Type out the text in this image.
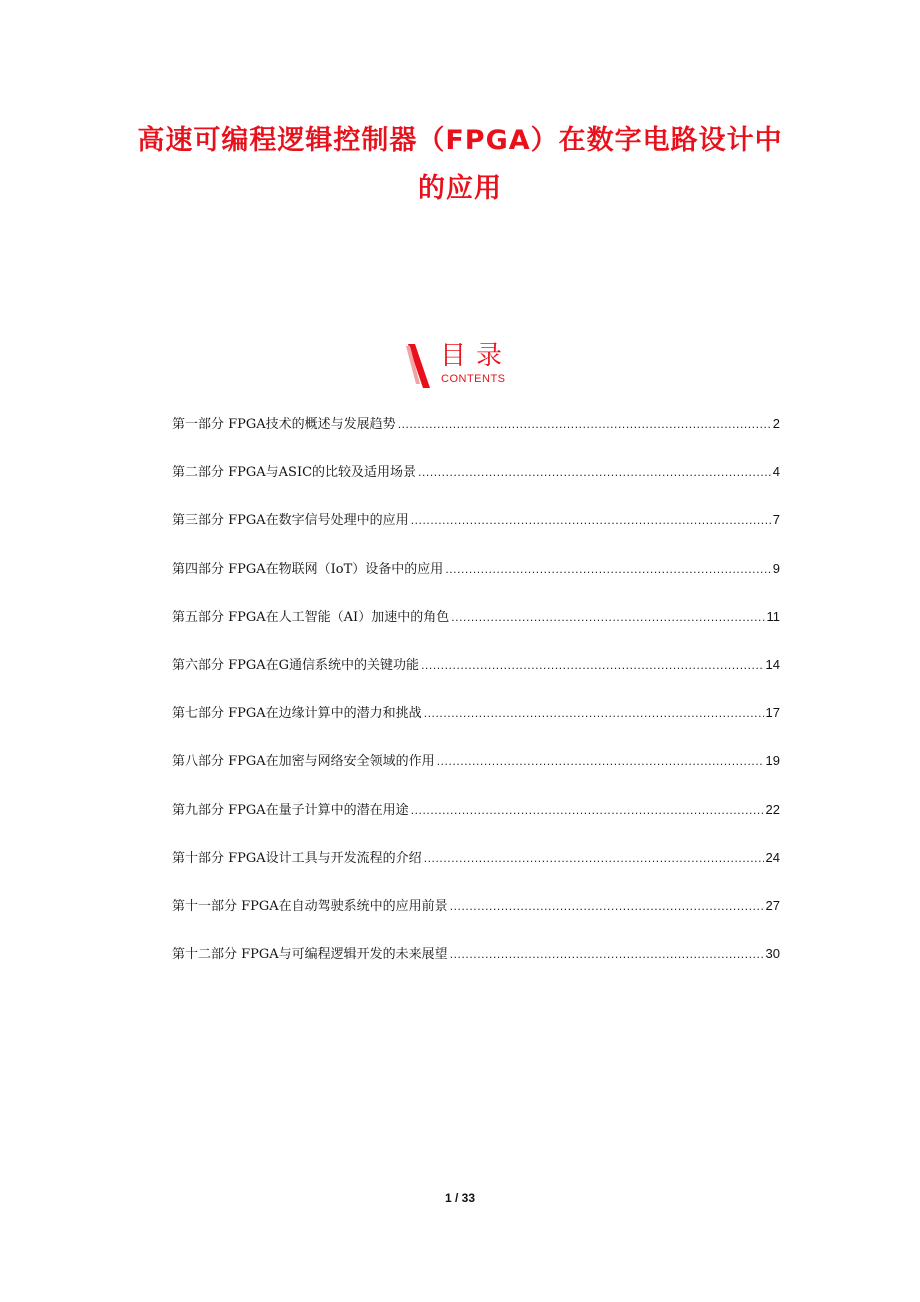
高速可编程逻辑控制器（FPGA）在数字电路设计中
的应用
目录
CONTENTS
第一部分 FPGA技术的概述与发展趋势 .....	2
第二部分 FPGA与ASIC的比较及适用场景 .....	4
第三部分 FPGA在数字信号处理中的应用 .....	7
第四部分 FPGA在物联网（IoT）设备中的应用 .....	9
第五部分 FPGA在人工智能（AI）加速中的角色 .....	11
第六部分 FPGA在G通信系统中的关键功能 .....	14
第七部分 FPGA在边缘计算中的潜力和挑战 .....	17
第八部分 FPGA在加密与网络安全领域的作用 .....	19
第九部分 FPGA在量子计算中的潜在用途 .....	22
第十部分 FPGA设计工具与开发流程的介绍 .....	24
第十一部分 FPGA在自动驾驶系统中的应用前景 .....	27
第十二部分 FPGA与可编程逻辑开发的未来展望 .....	30
1 / 33
